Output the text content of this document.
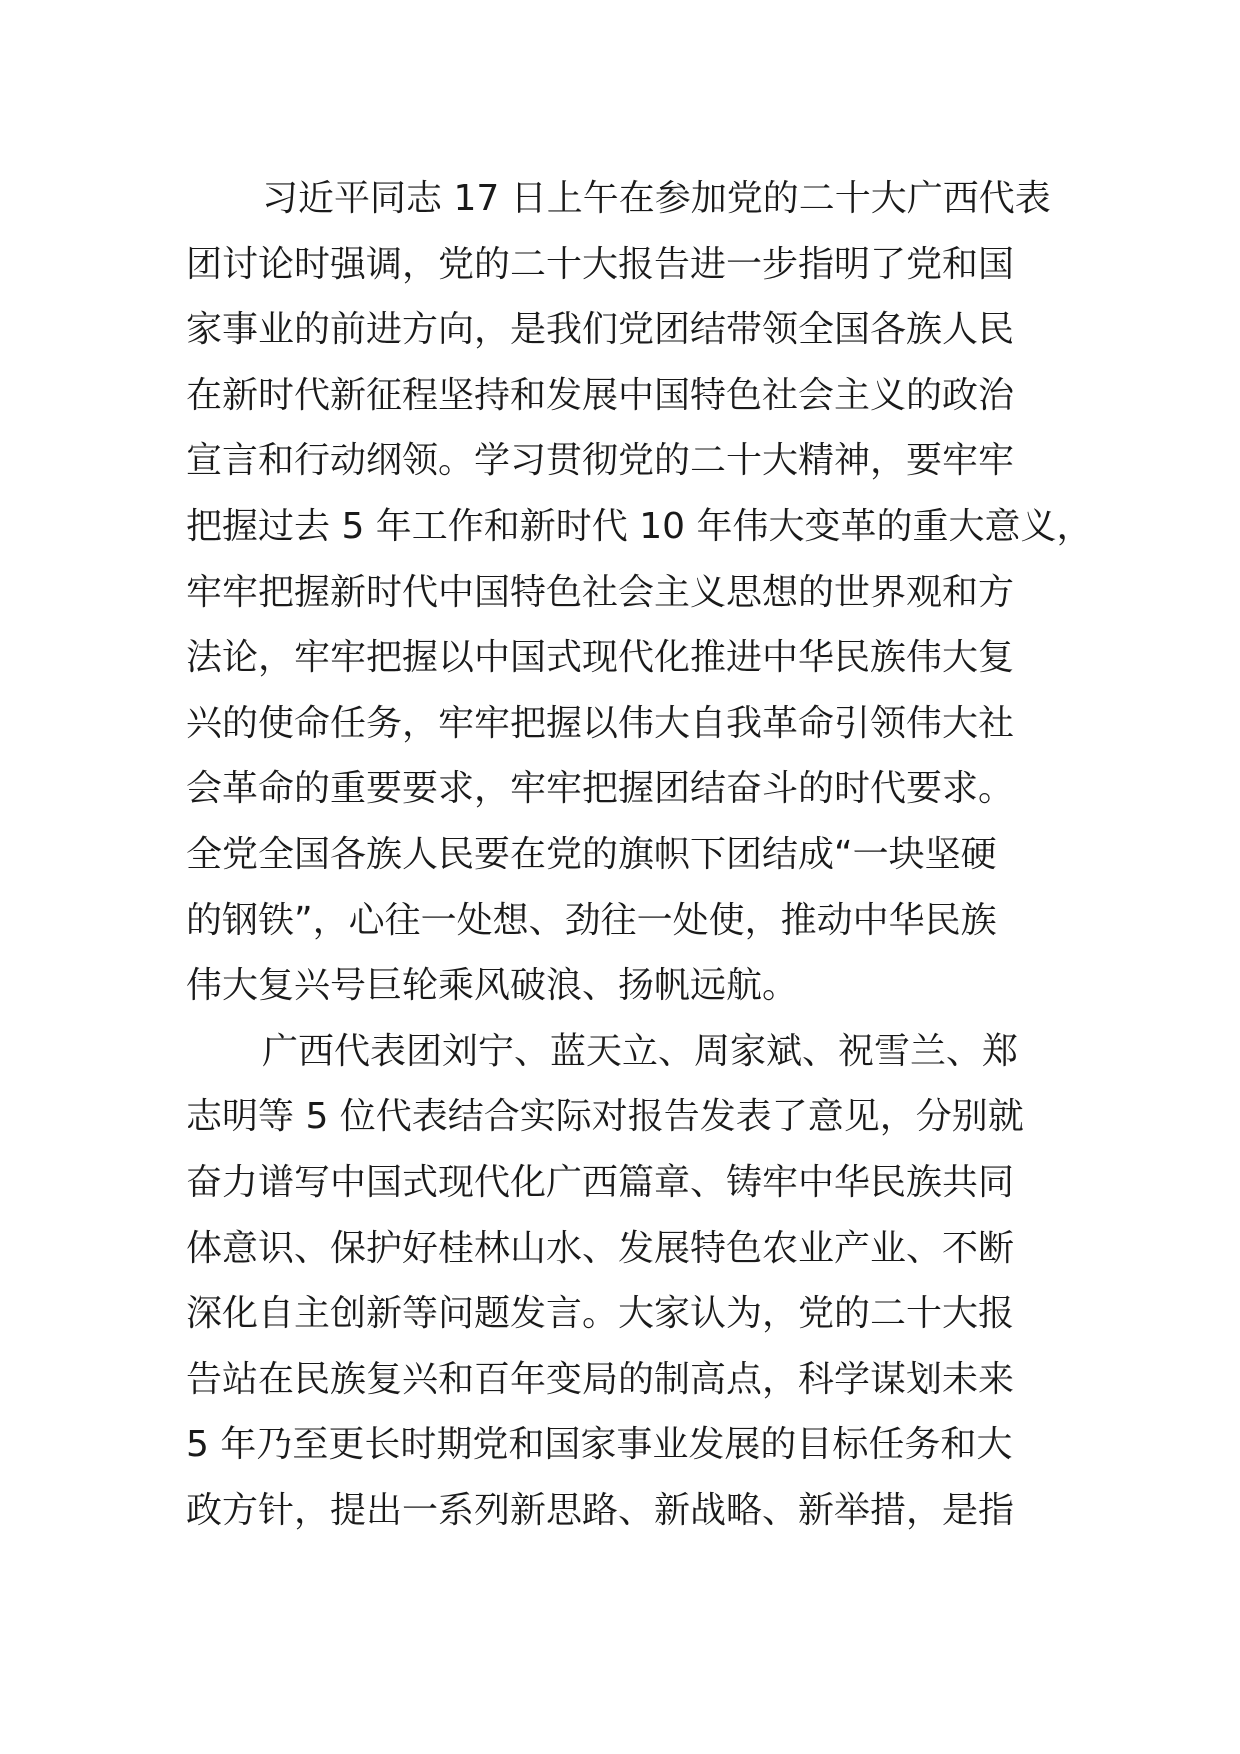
习近平同志 17 日上午在参加党的二十大广西代表
团讨论时强调，党的二十大报告进一步指明了党和国
家事业的前进方向，是我们党团结带领全国各族人民
在新时代新征程坚持和发展中国特色社会主义的政治
宣言和行动纲领。学习贯彻党的二十大精神，要牢牢
把握过去 5 年工作和新时代 10 年伟大变革的重大意义，
牢牢把握新时代中国特色社会主义思想的世界观和方
法论，牢牢把握以中国式现代化推进中华民族伟大复
兴的使命任务，牢牢把握以伟大自我革命引领伟大社
会革命的重要要求，牢牢把握团结奋斗的时代要求。
全党全国各族人民要在党的旗帜下团结成“一块坚硬
的钢铁”，心往一处想、劲往一处使，推动中华民族
伟大复兴号巨轮乘风破浪、扬帆远航。
广西代表团刘宁、蓝天立、周家斌、祝雪兰、郑
志明等 5 位代表结合实际对报告发表了意见，分别就
奋力谱写中国式现代化广西篇章、铸牢中华民族共同
体意识、保护好桂林山水、发展特色农业产业、不断
深化自主创新等问题发言。大家认为，党的二十大报
告站在民族复兴和百年变局的制高点，科学谋划未来
5 年乃至更长时期党和国家事业发展的目标任务和大
政方针，提出一系列新思路、新战略、新举措，是指
